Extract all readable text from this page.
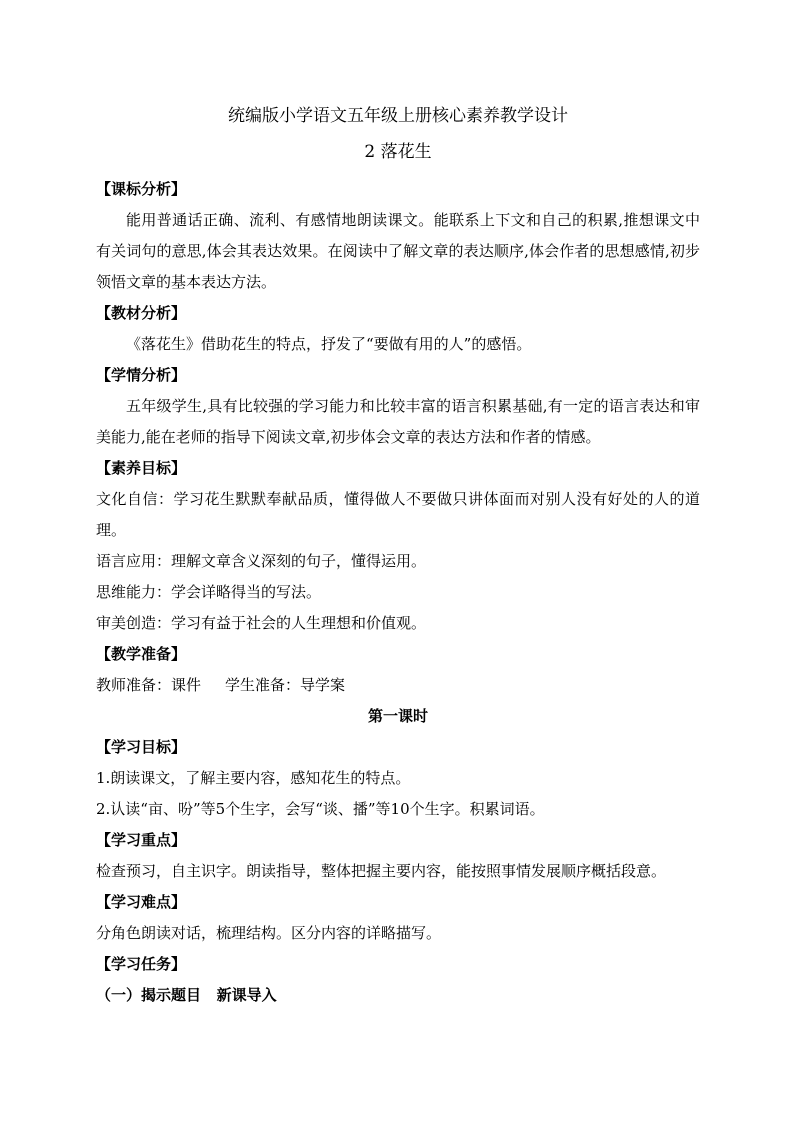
统编版小学语文五年级上册核心素养教学设计
2 落花生
【课标分析】

能用普通话正确、流利、有感情地朗读课文。能联系上下文和自己的积累,推想课文中有关词句的意思,体会其表达效果。在阅读中了解文章的表达顺序,体会作者的思想感情,初步领悟文章的基本表达方法。

【教材分析】

《落花生》借助花生的特点，抒发了“要做有用的人”的感悟。

【学情分析】

五年级学生,具有比较强的学习能力和比较丰富的语言积累基础,有一定的语言表达和审美能力,能在老师的指导下阅读文章,初步体会文章的表达方法和作者的情感。

【素养目标】

文化自信：学习花生默默奉献品质，懂得做人不要做只讲体面而对别人没有好处的人的道理。

语言应用：理解文章含义深刻的句子，懂得运用。

思维能力：学会详略得当的写法。

审美创造：学习有益于社会的人生理想和价值观。

【教学准备】

教师准备：课件 学生准备：导学案

第一课时
【学习目标】

1.朗读课文，了解主要内容，感知花生的特点。

2.认读“亩、吩”等5个生字，会写“谈、播”等10个生字。积累词语。

【学习重点】

检查预习，自主识字。朗读指导，整体把握主要内容，能按照事情发展顺序概括段意。

【学习难点】

分角色朗读对话，梳理结构。区分内容的详略描写。

【学习任务】
（一）揭示题目   新课导入
